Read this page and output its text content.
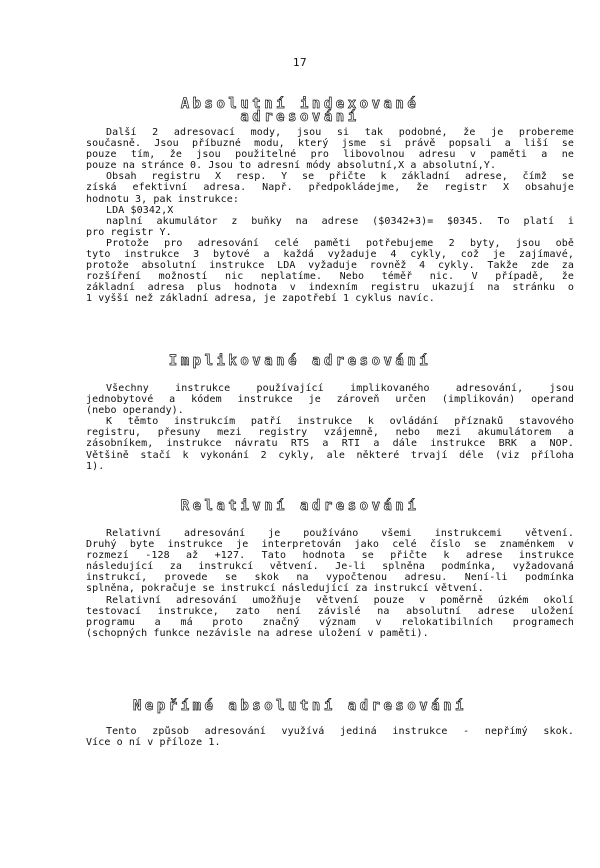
17
Absolutní indexované
adresování
Další 2 adresovací mody, jsou si tak podobné, že je probereme
současně. Jsou příbuzné modu, který jsme si právě popsali a liší se
pouze tím, že jsou použitelné pro libovolnou adresu v paměti a ne
pouze na stránce 0. Jsou to adresní módy absolutní,X a absolutní,Y.
Obsah registru X resp. Y se přičte k základní adrese, čímž se
získá efektivní adresa. Např. předpokládejme, že registr X obsahuje
hodnotu 3, pak instrukce:
LDA $0342,X
naplní akumulátor z buňky na adrese ($0342+3)= $0345. To platí i
pro registr Y.
Protože pro adresování celé paměti potřebujeme 2 byty, jsou obě
tyto instrukce 3 bytové a každá vyžaduje 4 cykly, což je zajímavé,
protože absolutní instrukce LDA vyžaduje rovněž 4 cykly. Takže zde za
rozšíření možností nic neplatíme. Nebo téměř nic. V případě, že
základní adresa plus hodnota v indexním registru ukazují na stránku o
1 vyšší než základní adresa, je zapotřebí 1 cyklus navíc.
Implikované adresování
Všechny instrukce používající implikovaného adresování, jsou
jednobytové a kódem instrukce je zároveň určen (implikován) operand
(nebo operandy).
K těmto instrukcím patří instrukce k ovládání příznaků stavového
registru, přesuny mezi registry vzájemně, nebo mezi akumulátorem a
zásobníkem, instrukce návratu RTS a RTI a dále instrukce BRK a NOP.
Většině stačí k vykonání 2 cykly, ale některé trvají déle (viz příloha
1).
Relativní adresování
Relativní adresování je používáno všemi instrukcemi větvení.
Druhý byte instrukce je interpretován jako celé číslo se znaménkem v
rozmezí -128 až +127. Tato hodnota se přičte k adrese instrukce
následující za instrukcí větvení. Je-li splněna podmínka, vyžadovaná
instrukcí, provede se skok na vypočtenou adresu. Není-li podmínka
splněna, pokračuje se instrukcí následující za instrukcí větvení.
Relativní adresování umožňuje větvení pouze v poměrně úzkém okolí
testovací instrukce, zato není závislé na absolutní adrese uložení
programu a má proto značný význam v relokatibilních programech
(schopných funkce nezávisle na adrese uložení v paměti).
Nepřímé absolutní adresování
Tento způsob adresování využívá jediná instrukce - nepřímý skok.
Více o ní v příloze 1.
